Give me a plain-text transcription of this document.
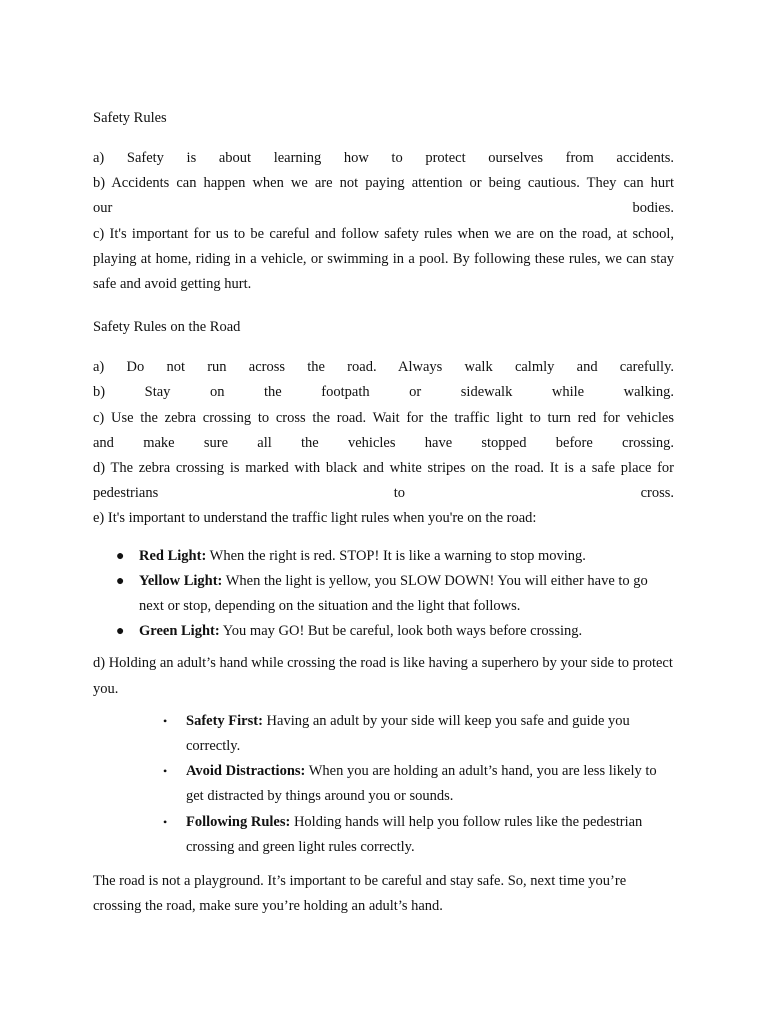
Safety Rules

a) Safety is about learning how to protect ourselves from accidents.
b) Accidents can happen when we are not paying attention or being cautious. They can hurt
our bodies.
c) It's important for us to be careful and follow safety rules when we are on the road, at school, playing at home, riding in a vehicle, or swimming in a pool. By following these rules, we can stay safe and avoid getting hurt.

Safety Rules on the Road

a) Do not run across the road. Always walk calmly and carefully.
b) Stay on the footpath or sidewalk while walking.
c) Use the zebra crossing to cross the road. Wait for the traffic light to turn red for vehicles
and make sure all the vehicles have stopped before crossing.
d) The zebra crossing is marked with black and white stripes on the road. It is a safe place for
pedestrians to cross.
e) It's important to understand the traffic light rules when you're on the road:
● Red Light: When the right is red. STOP! It is like a warning to stop moving.
● Yellow Light: When the light is yellow, you SLOW DOWN! You will either have to go next or stop, depending on the situation and the light that follows.
● Green Light: You may GO! But be careful, look both ways before crossing.
d) Holding an adult’s hand while crossing the road is like having a superhero by your side to protect you.
• Safety First: Having an adult by your side will keep you safe and guide you correctly.
• Avoid Distractions: When you are holding an adult’s hand, you are less likely to get distracted by things around you or sounds.
• Following Rules: Holding hands will help you follow rules like the pedestrian crossing and green light rules correctly.
The road is not a playground. It’s important to be careful and stay safe. So, next time you’re crossing the road, make sure you’re holding an adult’s hand.
